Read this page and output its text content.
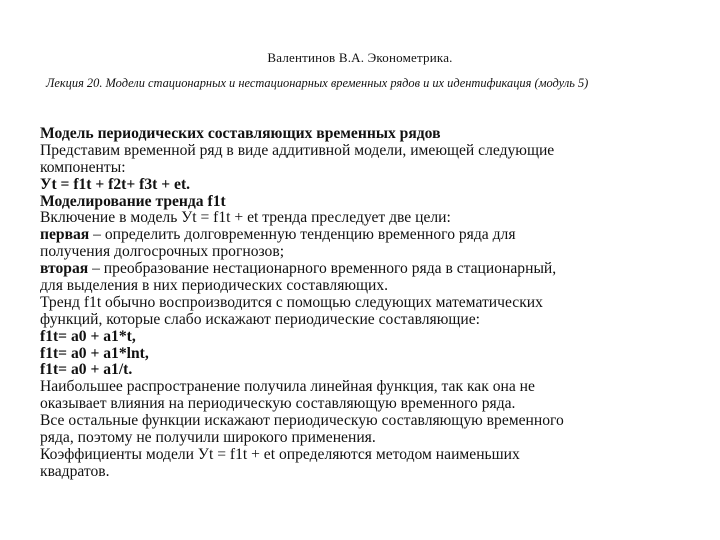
Валентинов В.А. Эконометрика.
Лекция 20. Модели стационарных и нестационарных временных рядов и их идентификация (модуль 5)
Модель периодических составляющих временных рядов
Представим временной ряд в виде аддитивной модели, имеющей следующие
компоненты:
Уt = f1t + f2t+ f3t + et.
Моделирование тренда f1t
Включение в модель Уt = f1t + et тренда преследует две цели:
первая – определить долговременную тенденцию временного ряда для
получения долгосрочных прогнозов;
вторая – преобразование нестационарного временного ряда в стационарный,
для выделения в них периодических составляющих.
Тренд f1t обычно воспроизводится с помощью следующих математических
функций, которые слабо искажают периодические составляющие:
f1t= a0 + a1*t,
f1t= a0 + a1*lnt,
f1t= a0 + a1/t.
Наибольшее распространение получила линейная функция, так как она не
оказывает влияния на периодическую составляющую временного ряда.
Все остальные функции искажают периодическую составляющую временного
ряда, поэтому не получили широкого применения.
Коэффициенты модели Уt = f1t + et определяются методом наименьших
квадратов.
